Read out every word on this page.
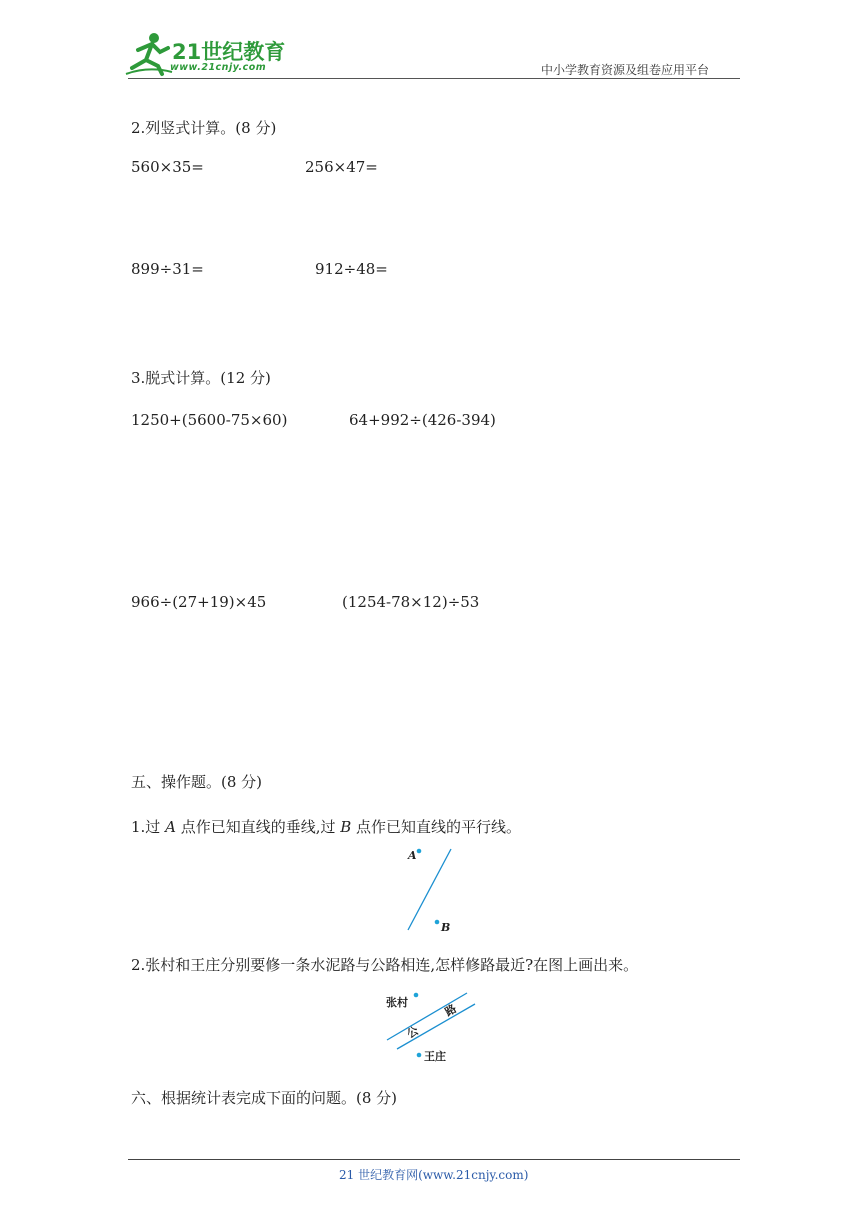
21世纪教育
www.21cnjy.com	中小学教育资源及组卷应用平台
2.列竖式计算。(8 分)
560×35=	256×47=
899÷31=	912÷48=
3.脱式计算。(12 分)
1250+(5600-75×60)	64+992÷(426-394)
966÷(27+19)×45	(1254-78×12)÷53
五、操作题。(8 分)
1.过 A 点作已知直线的垂线,过 B 点作已知直线的平行线。
A
B
2.张村和王庄分别要修一条水泥路与公路相连,怎样修路最近?在图上画出来。
张村
王庄
公
路
六、根据统计表完成下面的问题。(8 分)
21 世纪教育网(www.21cnjy.com)
